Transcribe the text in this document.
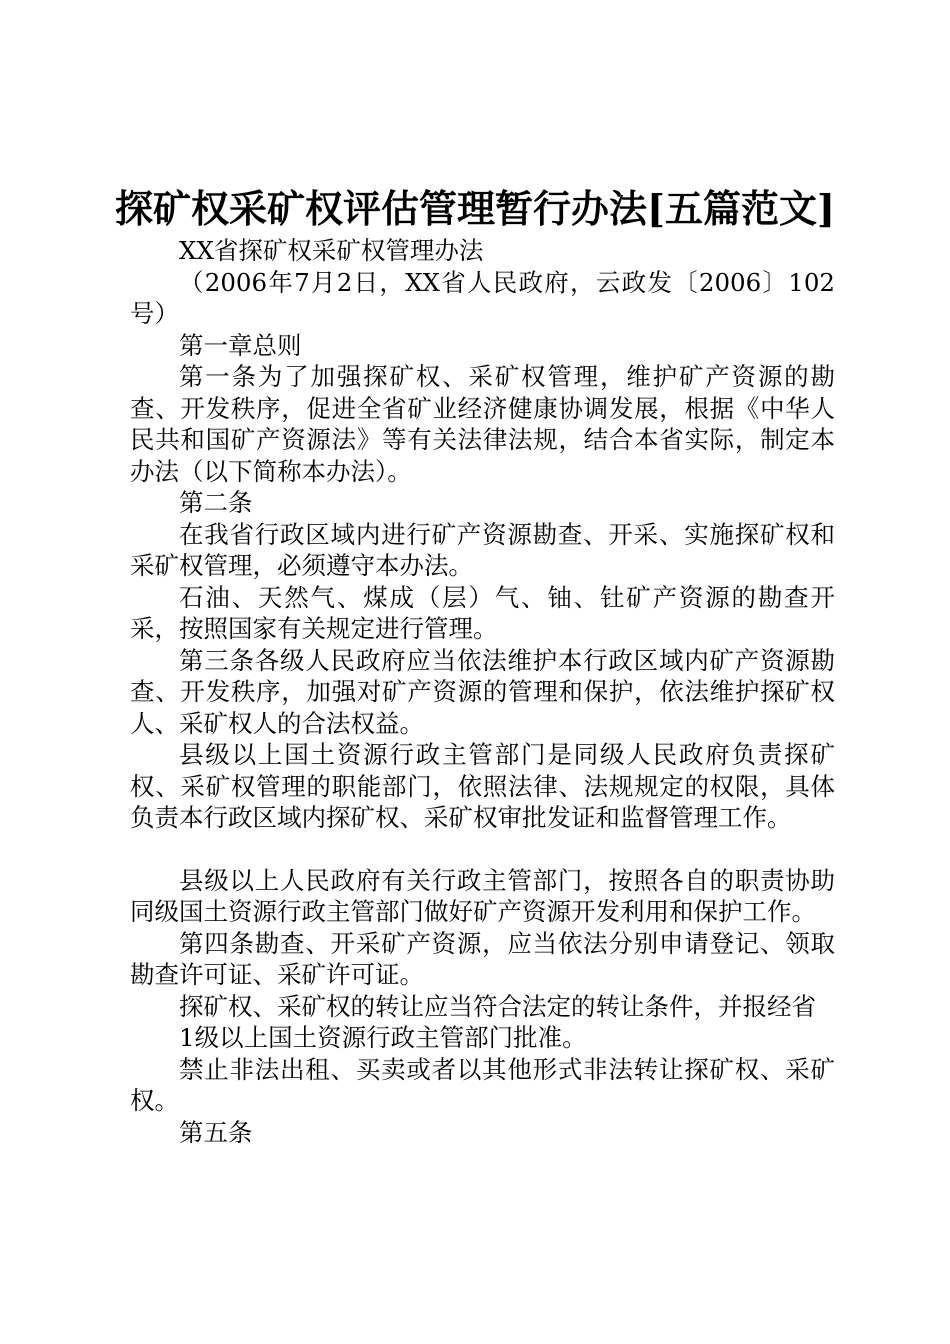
探矿权采矿权评估管理暂行办法[五篇范文]

XX省探矿权采矿权管理办法

（2006年7月2日，XX省人民政府，云政发〔2006〕102号）

第一章总则

第一条为了加强探矿权、采矿权管理，维护矿产资源的勘查、开发秩序，促进全省矿业经济健康协调发展，根据《中华人民共和国矿产资源法》等有关法律法规，结合本省实际，制定本办法（以下简称本办法）。

第二条

在我省行政区域内进行矿产资源勘查、开采、实施探矿权和采矿权管理，必须遵守本办法。

石油、天然气、煤成（层）气、铀、钍矿产资源的勘查开采，按照国家有关规定进行管理。

第三条各级人民政府应当依法维护本行政区域内矿产资源勘查、开发秩序，加强对矿产资源的管理和保护，依法维护探矿权人、采矿权人的合法权益。

县级以上国土资源行政主管部门是同级人民政府负责探矿权、采矿权管理的职能部门，依照法律、法规规定的权限，具体负责本行政区域内探矿权、采矿权审批发证和监督管理工作。

县级以上人民政府有关行政主管部门，按照各自的职责协助同级国土资源行政主管部门做好矿产资源开发利用和保护工作。

第四条勘查、开采矿产资源，应当依法分别申请登记、领取勘查许可证、采矿许可证。

探矿权、采矿权的转让应当符合法定的转让条件，并报经省

1级以上国土资源行政主管部门批准。

禁止非法出租、买卖或者以其他形式非法转让探矿权、采矿权。

第五条
